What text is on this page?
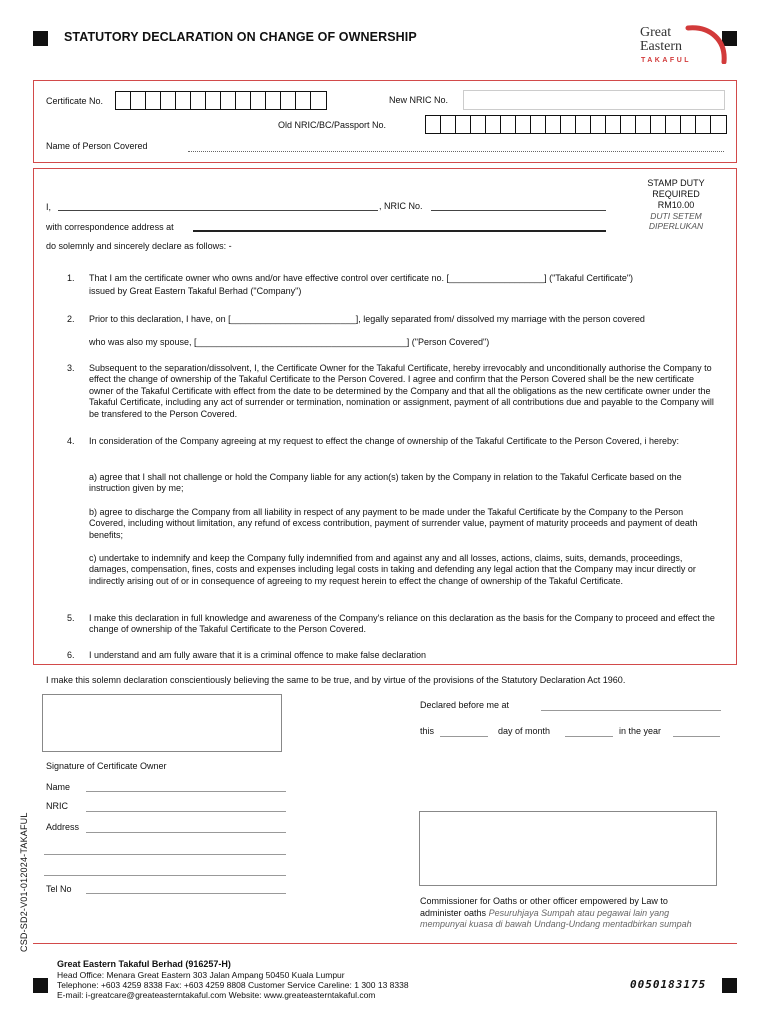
STATUTORY DECLARATION ON CHANGE OF OWNERSHIP	Great
Eastern
TAKAFUL
Certificate No.	New NRIC No.
Old NRIC/BC/Passport No.
Name of Person Covered
I,	, NRIC No.
with correspondence address at
do solemnly and sincerely declare as follows: -
STAMP DUTY
REQUIRED
RM10.00
DUTI SETEM
DIPERLUKAN
1. That I am the certificate owner who owns and/or have effective control over certificate no. [___________________] ("Takaful Certificate")
issued by Great Eastern Takaful Berhad ("Company")
2. Prior to this declaration, I have, on [_________________________], legally separated from/ dissolved my marriage with the person covered
who was also my spouse, [__________________________________________] ("Person Covered")
3. Subsequent to the separation/dissolvent, I, the Certificate Owner for the Takaful Certificate, hereby irrevocably and unconditionally authorise the Company to effect the change of ownership of the Takaful Certificate to the Person Covered. I agree and confirm that the Person Covered shall be the new certificate owner of the Takaful Certificate with effect from the date to be determined by the Company and that all the obligations as the new certificate owner under the Takaful Certificate, including any act of surrender or termination, nomination or assignment, payment of all contributions due and payable to the Company will be transfered to the Person Covered.
4. In consideration of the Company agreeing at my request to effect the change of ownership of the Takaful Certificate to the Person Covered, i hereby:
a) agree that I shall not challenge or hold the Company liable for any action(s) taken by the Company in relation to the Takaful Cerficate based on the instruction given by me;
b) agree to discharge the Company from all liability in respect of any payment to be made under the Takaful Certificate by the Company to the Person Covered, including without limitation, any refund of excess contribution, payment of surrender value, payment of maturity proceeds and payment of death benefits;
c) undertake to indemnify and keep the Company fully indemnified from and against any and all losses, actions, claims, suits, demands, proceedings, damages, compensation, fines, costs and expenses including legal costs in taking and defending any legal action that the Company may incur directly or indirectly arising out of or in consequence of agreeing to my request herein to effect the change of ownership of the Takaful Certificate.
5. I make this declaration in full knowledge and awareness of the Company's reliance on this declaration as the basis for the Company to proceed and effect the change of ownership of the Takaful Certificate to the Person Covered.
6. I understand and am fully aware that it is a criminal offence to make false declaration
I make this solemn declaration conscientiously believing the same to be true, and by virtue of the provisions of the Statutory Declaration Act 1960.
Signature of Certificate Owner
Name
NRIC
Address
Tel No
Declared before me at
this	day of month	in the year
Commissioner for Oaths or other officer empowered by Law to
administer oaths Pesuruhjaya Sumpah atau pegawai lain yang
mempunyai kuasa di bawah Undang-Undang mentadbirkan sumpah
CSD-SD2-V01-012024-TAKAFUL
Great Eastern Takaful Berhad (916257-H)
Head Office: Menara Great Eastern 303 Jalan Ampang 50450 Kuala Lumpur
Telephone: +603 4259 8338 Fax: +603 4259 8808 Customer Service Careline: 1 300 13 8338
E-mail: i-greatcare@greateasterntakaful.com Website: www.greateasterntakaful.com
0050183175
